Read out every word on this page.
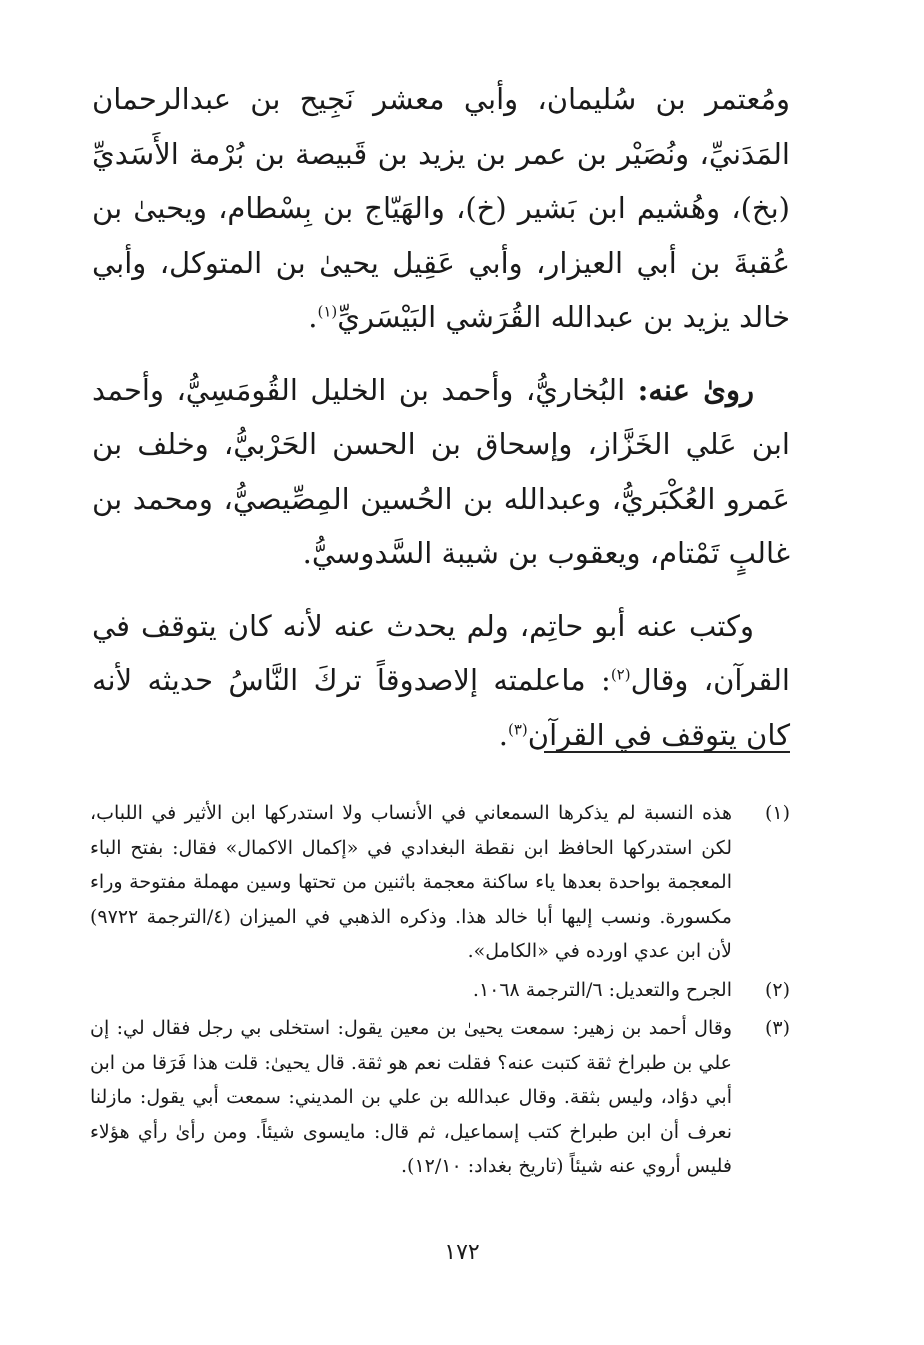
ومُعتمر بن سُليمان، وأبي معشر نَجِيح بن عبدالرحمان المَدَنيِّ، ونُصَيْر بن عمر بن يزيد بن قَبيصة بن بُرْمة الأَسَديِّ (بخ)، وهُشيم ابن بَشير (خ)، والهَيّاج بن بِسْطام، ويحيىٰ بن عُقبةَ بن أبي العيزار، وأبي عَقِيل يحيىٰ بن المتوكل، وأبي خالد يزيد بن عبدالله القُرَشي البَيْسَريِّ$^{(١)}$.

روىٰ عنه: البُخاريُّ، وأحمد بن الخليل القُومَسِيُّ، وأحمد ابن عَلي الخَزَّاز، وإسحاق بن الحسن الحَرْبيُّ، وخلف بن عَمرو العُكْبَريُّ، وعبدالله بن الحُسين المِصِّيصيُّ، ومحمد بن غالبٍ تَمْتام، ويعقوب بن شيبة السَّدوسيُّ.

وكتب عنه أبو حاتِم، ولم يحدث عنه لأنه كان يتوقف في القرآن، وقال$^{(٢)}$: ماعلمته إلاصدوقاً تركَ النَّاسُ حديثه لأنه كان يتوقف في القرآن$^{(٣)}$.

(١)
هذه النسبة لم يذكرها السمعاني في الأنساب ولا استدركها ابن الأثير في اللباب، لكن استدركها الحافظ ابن نقطة البغدادي في «إكمال الاكمال» فقال: بفتح الباء المعجمة بواحدة بعدها ياء ساكنة معجمة باثنين من تحتها وسين مهملة مفتوحة وراء مكسورة. ونسب إليها أبا خالد هذا. وذكره الذهبي في الميزان (٤/الترجمة ٩٧٢٢) لأن ابن عدي اورده في «الكامل».
(٢)
الجرح والتعديل: ٦/الترجمة ١٠٦٨.
(٣)
وقال أحمد بن زهير: سمعت يحيىٰ بن معين يقول: استخلى بي رجل فقال لي: إن علي بن طبراخ ثقة كتبت عنه؟ فقلت نعم هو ثقة. قال يحيىٰ: قلت هذا فَرَقا من ابن أبي دؤاد، وليس بثقة. وقال عبدالله بن علي بن المديني: سمعت أبي يقول: مازلنا نعرف أن ابن طبراخ كتب إسماعيل، ثم قال: مايسوى شيئاً. ومن رأىٰ رأي هؤلاء فليس أروي عنه شيئاً (تاريخ بغداد: ١٢/١٠).
١٧٢
